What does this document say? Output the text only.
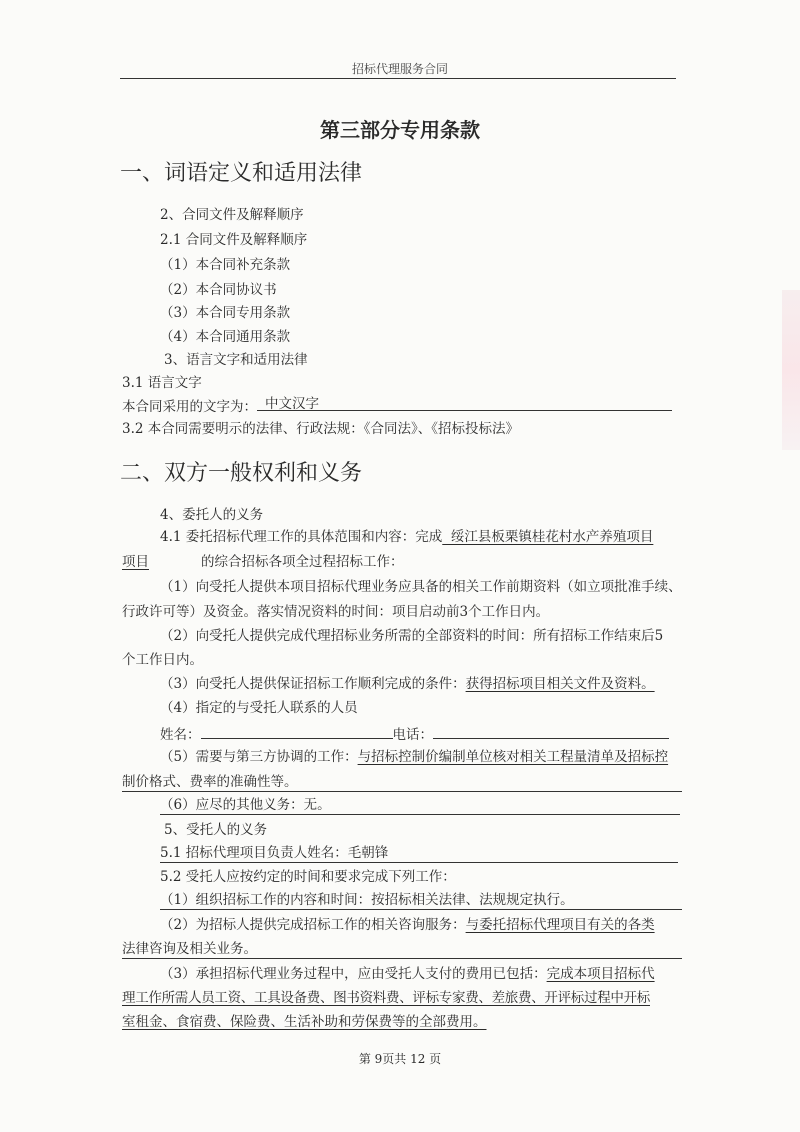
招标代理服务合同
第三部分专用条款
一、词语定义和适用法律
2、合同文件及解释顺序
2.1 合同文件及解释顺序
（1）本合同补充条款
（2）本合同协议书
（3）本合同专用条款
（4）本合同通用条款
3、语言文字和适用法律
3.1 语言文字
本合同采用的文字为： 中文汉字
3.2 本合同需要明示的法律、行政法规：《合同法》、《招标投标法》
二、双方一般权利和义务
4、委托人的义务
4.1 委托招标代理工作的具体范围和内容：完成  绥江县板栗镇桂花村水产养殖项目
项目	的综合招标各项全过程招标工作：
（1）向受托人提供本项目招标代理业务应具备的相关工作前期资料（如立项批准手续、
行政许可等）及资金。落实情况资料的时间：项目启动前3个工作日内。
（2）向受托人提供完成代理招标业务所需的全部资料的时间：所有招标工作结束后5
个工作日内。
（3）向受托人提供保证招标工作顺利完成的条件：获得招标项目相关文件及资料。
（4）指定的与受托人联系的人员
姓名：	电话：
（5）需要与第三方协调的工作：与招标控制价编制单位核对相关工程量清单及招标控
制价格式、费率的准确性等。
（6）应尽的其他义务：无。
5、受托人的义务
5.1 招标代理项目负责人姓名：毛朝锋
5.2 受托人应按约定的时间和要求完成下列工作：
（1）组织招标工作的内容和时间：按招标相关法律、法规规定执行。
（2）为招标人提供完成招标工作的相关咨询服务：与委托招标代理项目有关的各类
法律咨询及相关业务。
（3）承担招标代理业务过程中，应由受托人支付的费用已包括：完成本项目招标代
理工作所需人员工资、工具设备费、图书资料费、评标专家费、差旅费、开评标过程中开标
室租金、食宿费、保险费、生活补助和劳保费等的全部费用。
第 9页共 12 页
